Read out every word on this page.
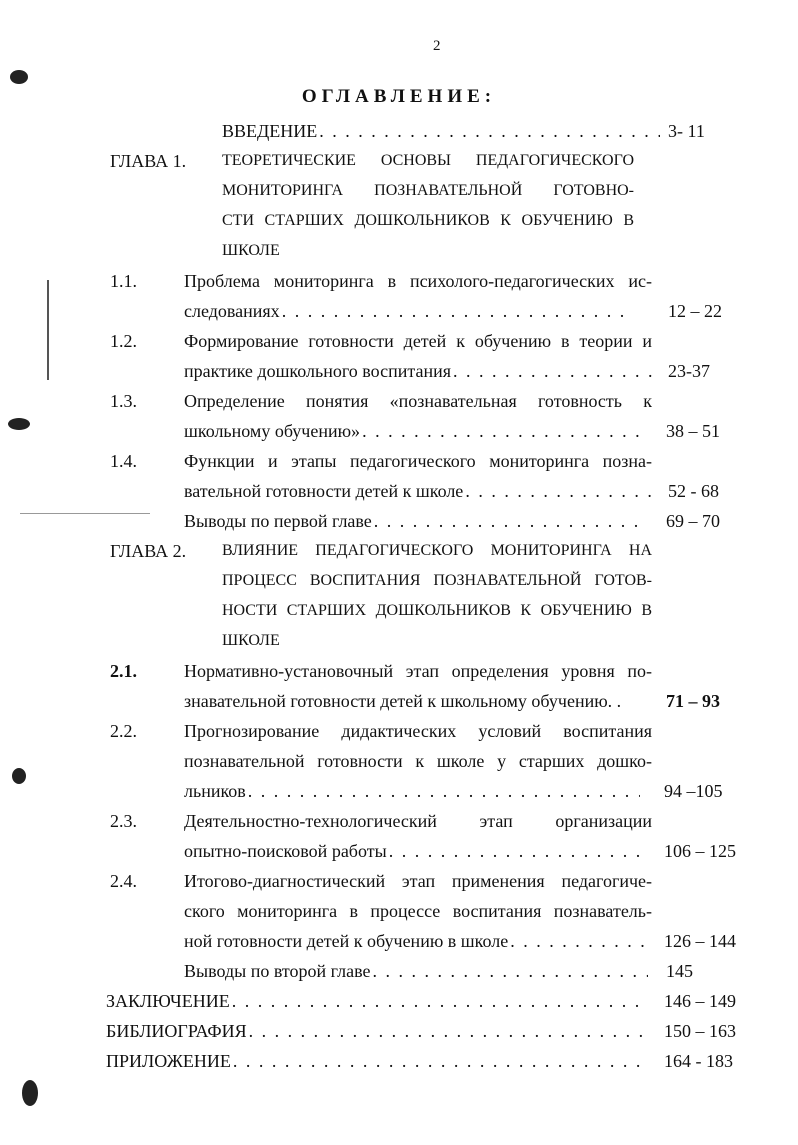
2
ОГЛАВЛЕНИЕ:
ВВЕДЕНИЕ . . .	3- 11
ГЛАВА 1. ТЕОРЕТИЧЕСКИЕ ОСНОВЫ ПЕДАГОГИЧЕСКОГО
МОНИТОРИНГА ПОЗНАВАТЕЛЬНОЙ ГОТОВНО-
СТИ СТАРШИХ ДОШКОЛЬНИКОВ К ОБУЧЕНИЮ В
ШКОЛЕ
1.1.	Проблема мониторинга в психолого-педагогических ис-
следованиях . . .	12 – 22
1.2.	Формирование готовности детей к обучению в теории и
практике дошкольного воспитания . . .	23-37
1.3.	Определение понятия «познавательная готовность к
школьному обучению» . . .	38 – 51
1.4.	Функции и этапы педагогического мониторинга позна-
вательной готовности детей к школе . . .	52 - 68
Выводы по первой главе . . .	69 – 70
ГЛАВА 2. ВЛИЯНИЕ ПЕДАГОГИЧЕСКОГО МОНИТОРИНГА НА
ПРОЦЕСС ВОСПИТАНИЯ ПОЗНАВАТЕЛЬНОЙ ГОТОВ-
НОСТИ СТАРШИХ ДОШКОЛЬНИКОВ К ОБУЧЕНИЮ В
ШКОЛЕ
2.1.	Нормативно-установочный этап определения уровня по-
знавательной готовности детей к школьному обучению. . 71 – 93
2.2.	Прогнозирование дидактических условий воспитания
познавательной готовности к школе у старших дошко-
льников . . .	94 –105
2.3.	Деятельностно-технологический этап организации
опытно-поисковой работы . . .	106 – 125
2.4.	Итогово-диагностический этап применения педагогиче-
ского мониторинга в процессе воспитания познаватель-
ной готовности детей к обучению в школе . . .	126 – 144
Выводы по второй главе . . .	145
ЗАКЛЮЧЕНИЕ . . .	146 – 149
БИБЛИОГРАФИЯ . . .	150 – 163
ПРИЛОЖЕНИЕ . . .	164 - 183
